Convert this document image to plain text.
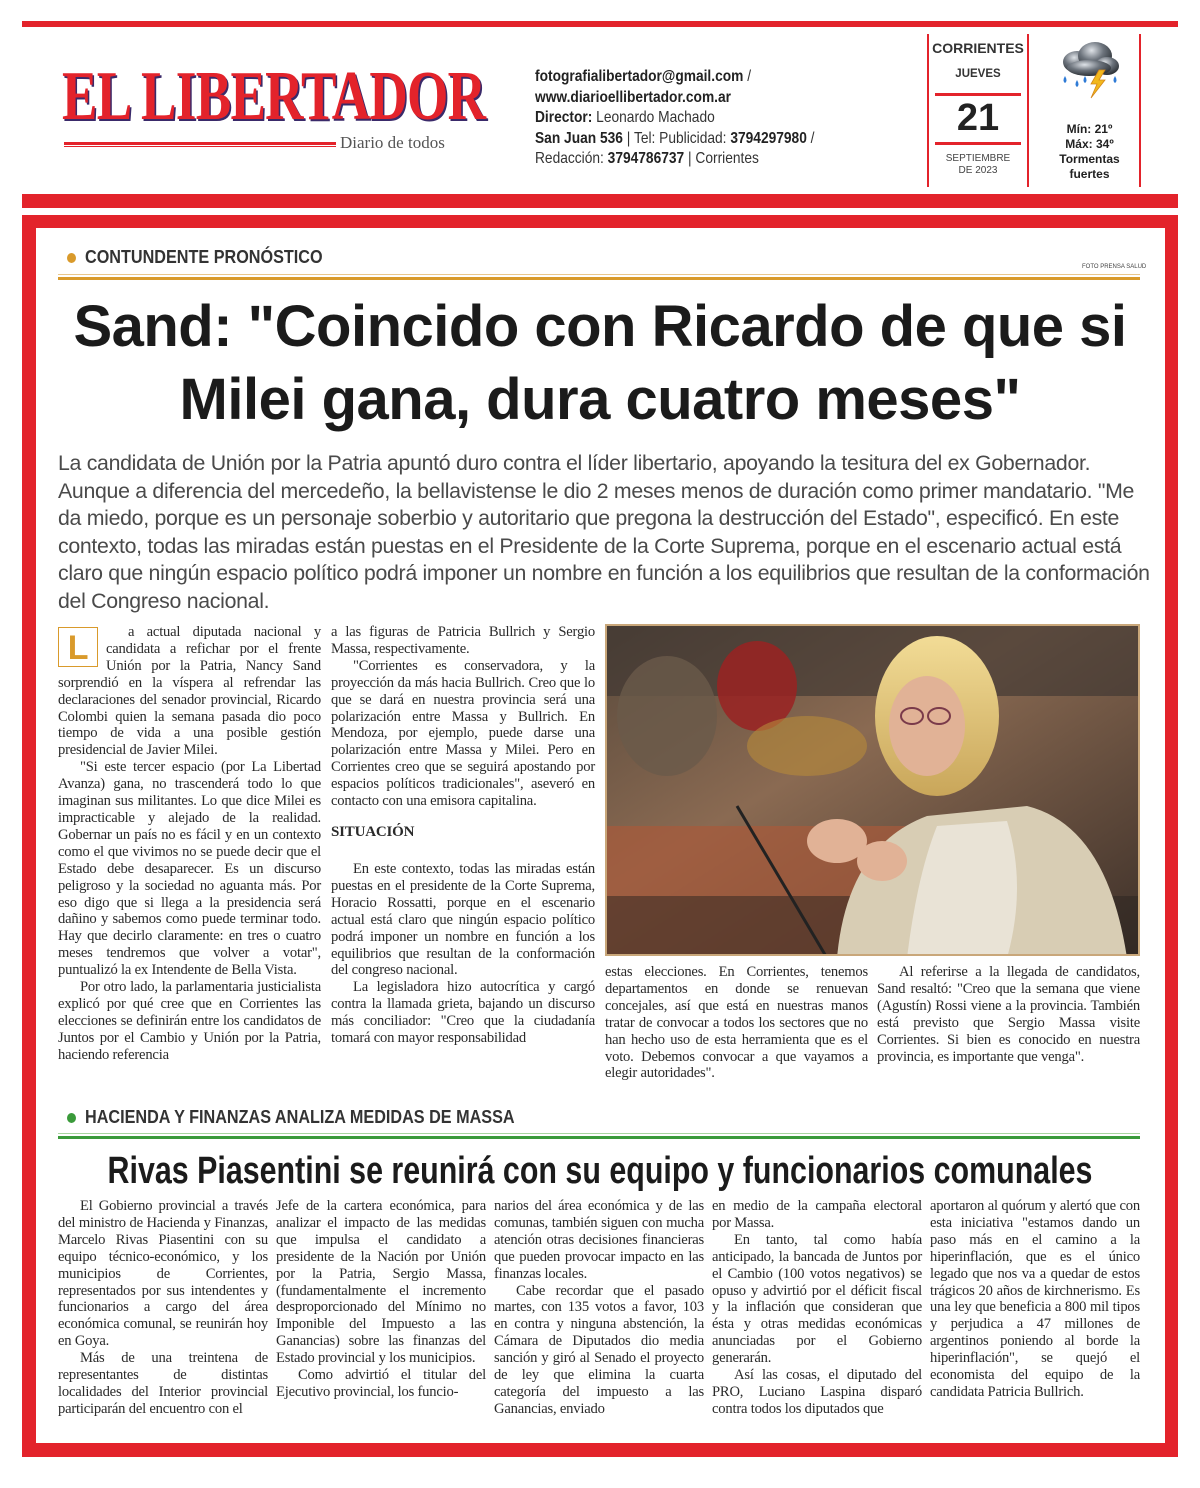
EL LIBERTADOR
Diario de todos
fotografialibertador@gmail.com /
www.diarioellibertador.com.ar
Director: Leonardo Machado
San Juan 536 | Tel: Publicidad: 3794297980 /
Redacción: 3794786737 | Corrientes
CORRIENTES
JUEVES
21
SEPTIEMBRE
DE 2023
Mín: 21º
Máx: 34º
Tormentas fuertes
CONTUNDENTE PRONÓSTICO	FOTO PRENSA SALUD
Sand: "Coincido con Ricardo de que si Milei gana, dura cuatro meses"
La candidata de Unión por la Patria apuntó duro contra el líder libertario, apoyando la tesitura del ex Gobernador. Aunque a diferencia del mercedeño, la bellavistense le dio 2 meses menos de duración como primer mandatario. "Me da miedo, porque es un personaje soberbio y autoritario que pregona la destrucción del Estado", especificó. En este contexto, todas las miradas están puestas en el Presidente de la Corte Suprema, porque en el escenario actual está claro que ningún espacio político podrá imponer un nombre en función a los equilibrios que resultan de la conformación del Congreso nacional.

L	a actual diputada nacional y candidata a refichar por el frente Unión por la Patria, Nancy Sand sorprendió en la víspera al refrendar las declaraciones del senador provincial, Ricardo Colombi quien la semana pasada dio poco tiempo de vida a una posible gestión presidencial de Javier Milei.

"Si este tercer espacio (por La Libertad Avanza) gana, no trascenderá todo lo que imaginan sus militantes. Lo que dice Milei es impracticable y alejado de la realidad. Gobernar un país no es fácil y en un contexto como el que vivimos no se puede decir que el Estado debe desaparecer. Es un discurso peligroso y la sociedad no aguanta más. Por eso digo que si llega a la presidencia será dañino y sabemos como puede terminar todo. Hay que decirlo claramente: en tres o cuatro meses tendremos que volver a votar", puntualizó la ex Intendente de Bella Vista.

Por otro lado, la parlamentaria justicialista explicó por qué cree que en Corrientes las elecciones se definirán entre los candidatos de Juntos por el Cambio y Unión por la Patria, haciendo referencia

a las figuras de Patricia Bullrich y Sergio Massa, respectivamente.

"Corrientes es conservadora, y la proyección da más hacia Bullrich. Creo que lo que se dará en nuestra provincia será una polarización entre Massa y Bullrich. En Mendoza, por ejemplo, puede darse una polarización entre Massa y Milei. Pero en Corrientes creo que se seguirá apostando por espacios políticos tradicionales", aseveró en contacto con una emisora capitalina.

SITUACIÓN

En este contexto, todas las miradas están puestas en el presidente de la Corte Suprema, Horacio Rossatti, porque en el escenario actual está claro que ningún espacio político podrá imponer un nombre en función a los equilibrios que resultan de la conformación del congreso nacional.

La legisladora hizo autocrítica y cargó contra la llamada grieta, bajando un discurso más conciliador: "Creo que la ciudadanía tomará con mayor responsabilidad

estas elecciones. En Corrientes, tenemos departamentos en donde se renuevan concejales, así que está en nuestras manos tratar de convocar a todos los sectores que no han hecho uso de esta herramienta que es el voto. Debemos convocar a que vayamos a elegir autoridades".

Al referirse a la llegada de candidatos, Sand resaltó: "Creo que la semana que viene (Agustín) Rossi viene a la provincia. También está previsto que Sergio Massa visite Corrientes. Si bien es conocido en nuestra provincia, es importante que venga".

HACIENDA Y FINANZAS ANALIZA MEDIDAS DE MASSA
Rivas Piasentini se reunirá con su equipo y funcionarios comunales

El Gobierno provincial a través del ministro de Hacienda y Finanzas, Marcelo Rivas Piasentini con su equipo técnico-económico, y los municipios de Corrientes, representados por sus intendentes y funcionarios a cargo del área económica comunal, se reunirán hoy en Goya.

Más de una treintena de representantes de distintas localidades del Interior provincial participarán del encuentro con el

Jefe de la cartera económica, para analizar el impacto de las medidas que impulsa el candidato a presidente de la Nación por Unión por la Patria, Sergio Massa, (fundamentalmente el incremento desproporcionado del Mínimo no Imponible del Impuesto a las Ganancias) sobre las finanzas del Estado provincial y los municipios.

Como advirtió el titular del Ejecutivo provincial, los funcio-

narios del área económica y de las comunas, también siguen con mucha atención otras decisiones financieras que pueden provocar impacto en las finanzas locales.

Cabe recordar que el pasado martes, con 135 votos a favor, 103 en contra y ninguna abstención, la Cámara de Diputados dio media sanción y giró al Senado el proyecto de ley que elimina la cuarta categoría del impuesto a las Ganancias, enviado

en medio de la campaña electoral por Massa.

En tanto, tal como había anticipado, la bancada de Juntos por el Cambio (100 votos negativos) se opuso y advirtió por el déficit fiscal y la inflación que consideran que ésta y otras medidas económicas anunciadas por el Gobierno generarán.

Así las cosas, el diputado del PRO, Luciano Laspina disparó contra todos los diputados que

aportaron al quórum y alertó que con esta iniciativa "estamos dando un paso más en el camino a la hiperinflación, que es el único legado que nos va a quedar de estos trágicos 20 años de kirchnerismo. Es una ley que beneficia a 800 mil tipos y perjudica a 47 millones de argentinos poniendo al borde la hiperinflación", se quejó el economista del equipo de la candidata Patricia Bullrich.
